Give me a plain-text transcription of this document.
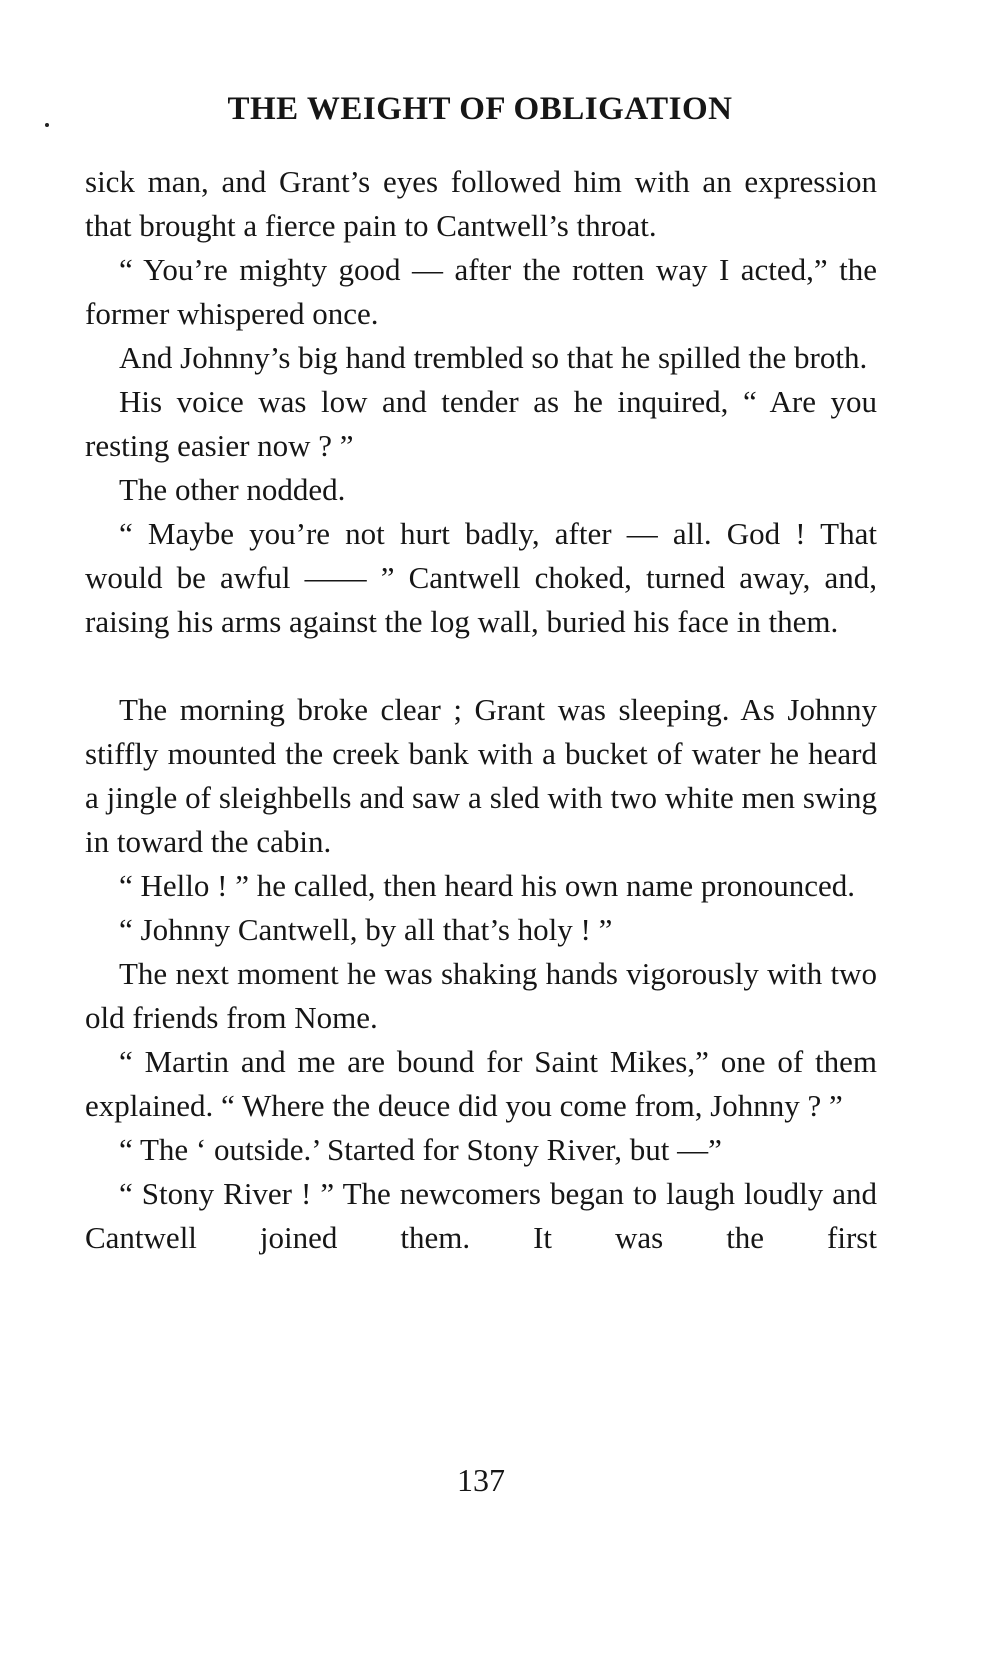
THE WEIGHT OF OBLIGATION

sick man, and Grant’s eyes followed him with an expression that brought a fierce pain to Cantwell’s throat.

“ You’re mighty good — after the rotten way I acted,” the former whispered once.

And Johnny’s big hand trembled so that he spilled the broth.

His voice was low and tender as he inquired, “ Are you resting easier now ? ”

The other nodded.

“ Maybe you’re not hurt badly, after — all. God ! That would be awful —— ” Cantwell choked, turned away, and, raising his arms against the log wall, buried his face in them.

The morning broke clear ; Grant was sleeping. As Johnny stiffly mounted the creek bank with a bucket of water he heard a jingle of sleighbells and saw a sled with two white men swing in toward the cabin.

“ Hello ! ” he called, then heard his own name pronounced.

“ Johnny Cantwell, by all that’s holy ! ”

The next moment he was shaking hands vigorously with two old friends from Nome.

“ Martin and me are bound for Saint Mikes,” one of them explained. “ Where the deuce did you come from, Johnny ? ”

“ The ‘ outside.’ Started for Stony River, but —”

“ Stony River ! ” The newcomers began to laugh loudly and Cantwell joined them. It was the first

137
